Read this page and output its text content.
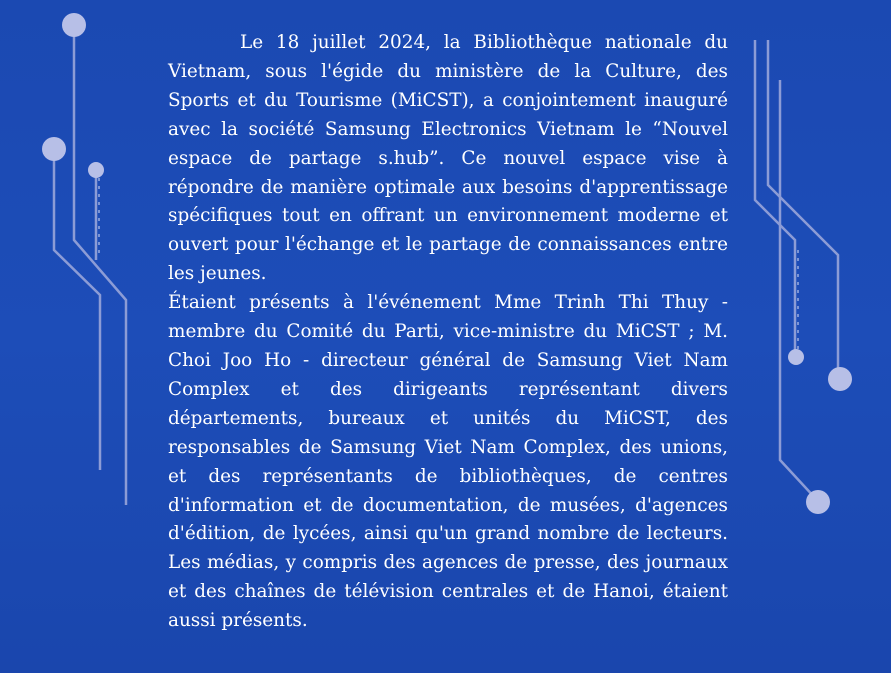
Le 18 juillet 2024, la Bibliothèque nationale du Vietnam, sous l'égide du ministère de la Culture, des Sports et du Tourisme (MiCST), a conjointement inauguré avec la société Samsung Electronics Vietnam le “Nouvel espace de partage s.hub”. Ce nouvel espace vise à répondre de manière optimale aux besoins d'apprentissage spécifiques tout en offrant un environnement moderne et ouvert pour l'échange et le partage de connaissances entre les jeunes.

Étaient présents à l'événement Mme Trinh Thi Thuy - membre du Comité du Parti, vice-ministre du MiCST ; M. Choi Joo Ho - directeur général de Samsung Viet Nam Complex et des dirigeants représentant divers départements, bureaux et unités du MiCST, des responsables de Samsung Viet Nam Complex, des unions, et des représentants de bibliothèques, de centres d'information et de documentation, de musées, d'agences d'édition, de lycées, ainsi qu'un grand nombre de lecteurs. Les médias, y compris des agences de presse, des journaux et des chaînes de télévision centrales et de Hanoi, étaient aussi présents.
